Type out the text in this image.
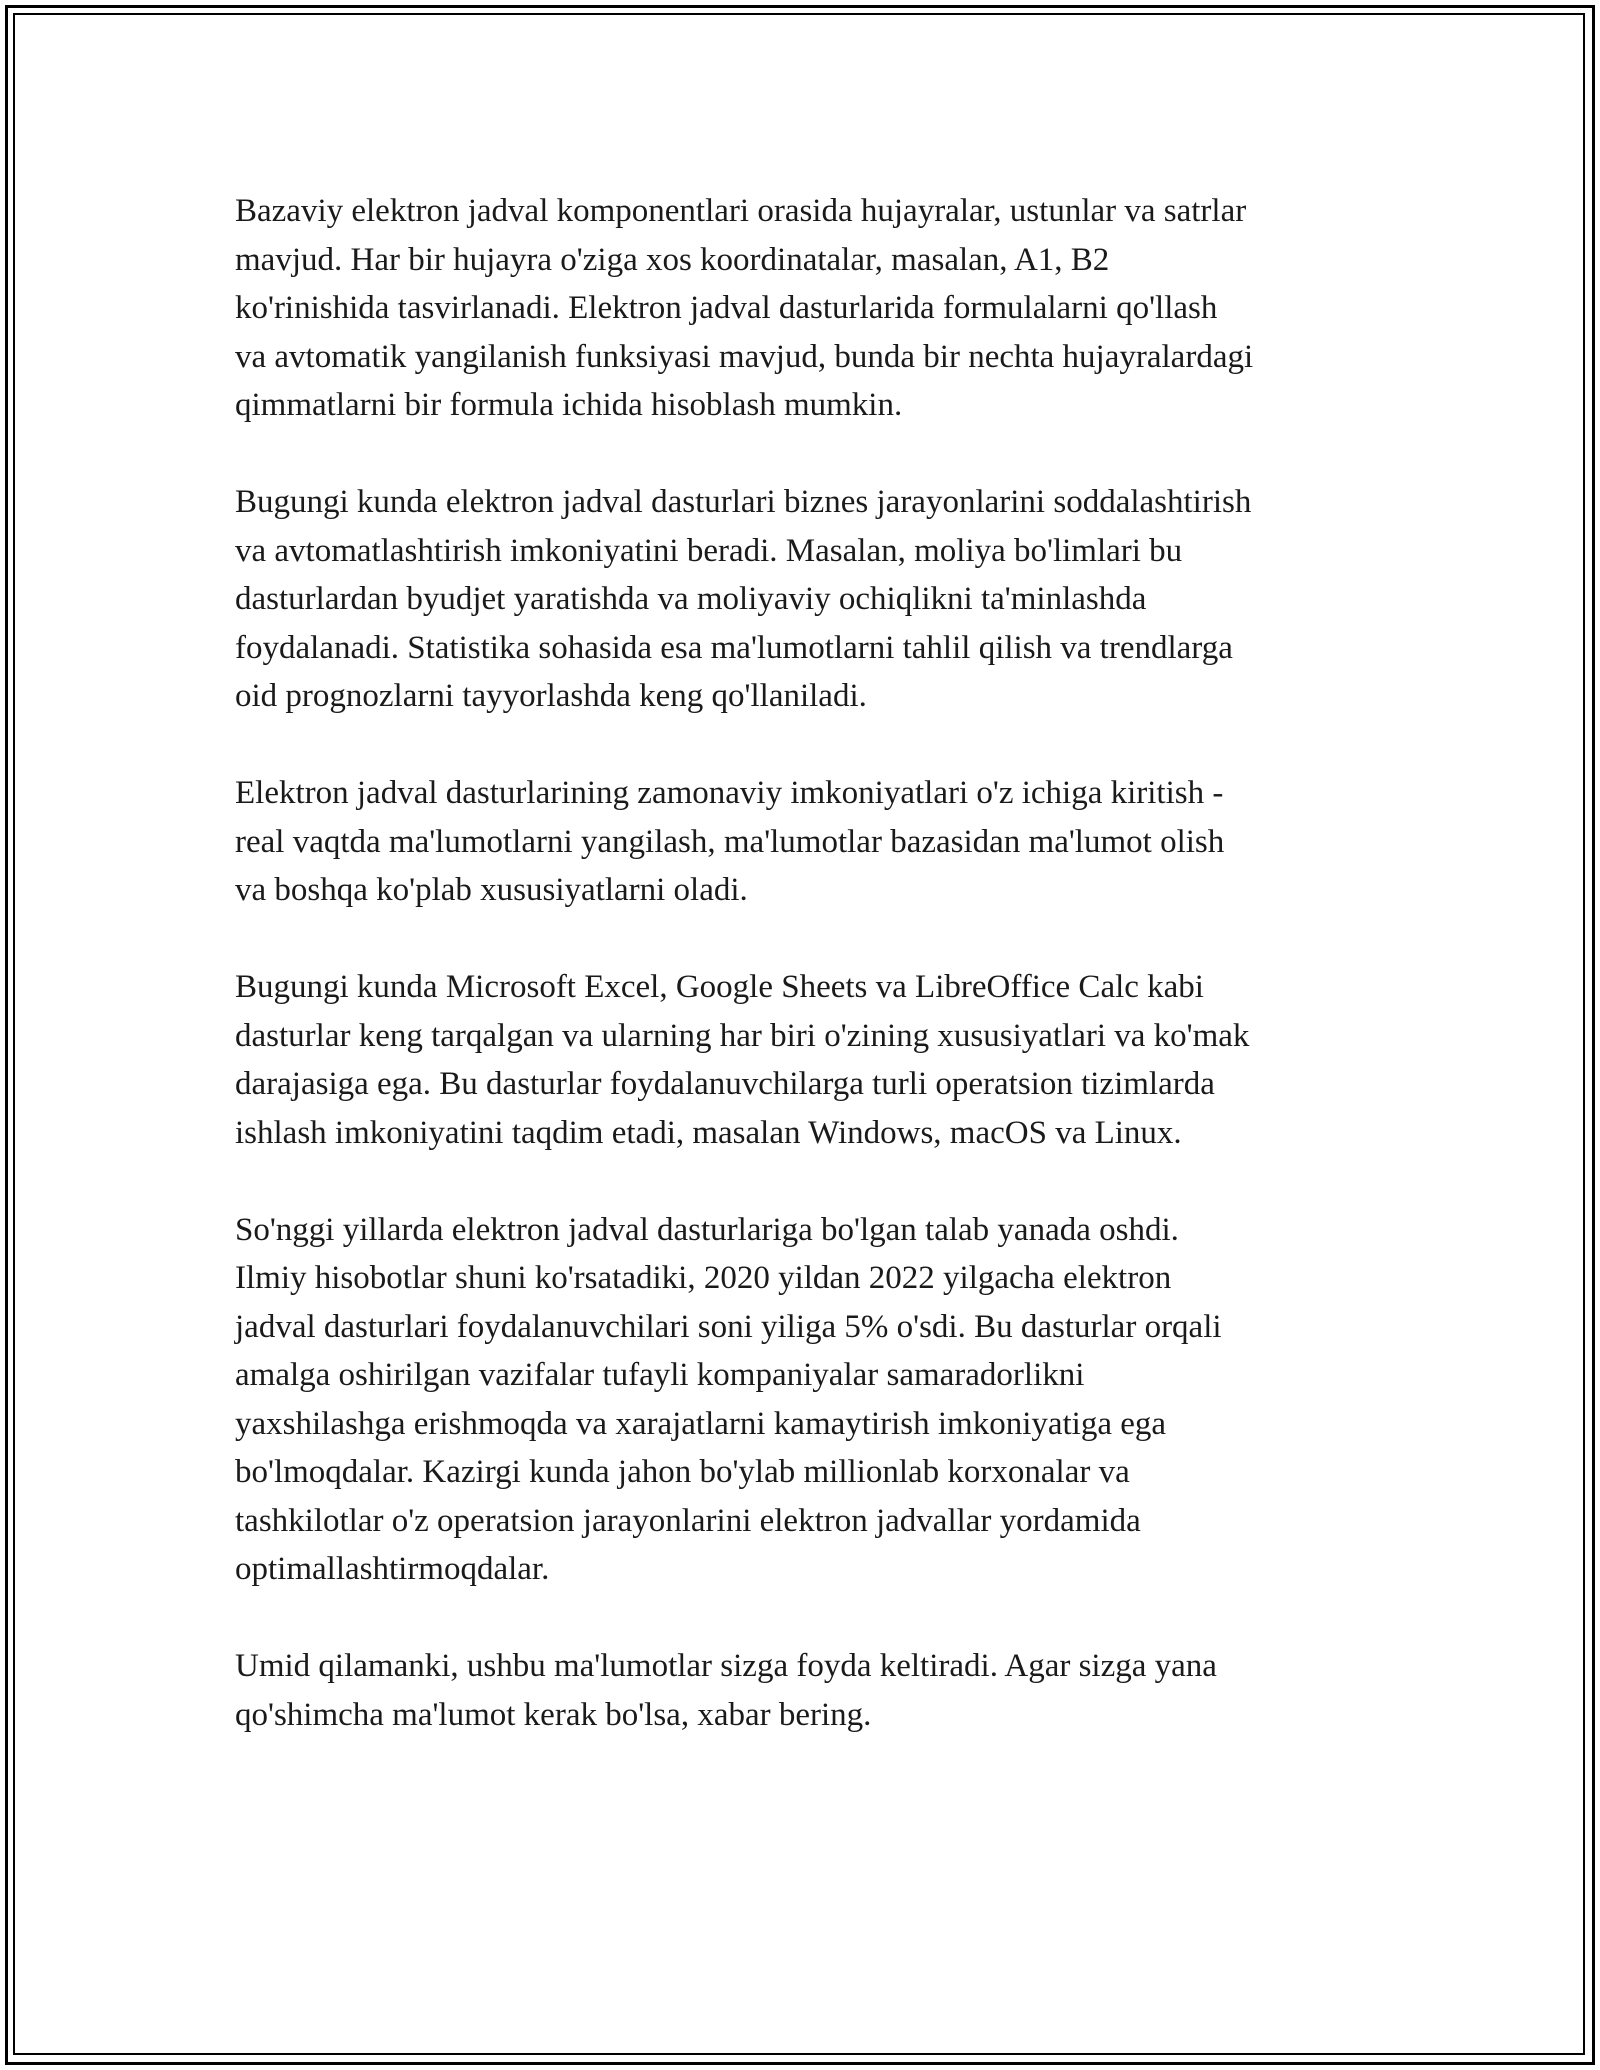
Bazaviy elektron jadval komponentlari orasida hujayralar, ustunlar va satrlar
mavjud. Har bir hujayra o'ziga xos koordinatalar, masalan, A1, B2
ko'rinishida tasvirlanadi. Elektron jadval dasturlarida formulalarni qo'llash
va avtomatik yangilanish funksiyasi mavjud, bunda bir nechta hujayralardagi
qimmatlarni bir formula ichida hisoblash mumkin.

Bugungi kunda elektron jadval dasturlari biznes jarayonlarini soddalashtirish
va avtomatlashtirish imkoniyatini beradi. Masalan, moliya bo'limlari bu
dasturlardan byudjet yaratishda va moliyaviy ochiqlikni ta'minlashda
foydalanadi. Statistika sohasida esa ma'lumotlarni tahlil qilish va trendlarga
oid prognozlarni tayyorlashda keng qo'llaniladi.

Elektron jadval dasturlarining zamonaviy imkoniyatlari o'z ichiga kiritish -
real vaqtda ma'lumotlarni yangilash, ma'lumotlar bazasidan ma'lumot olish
va boshqa ko'plab xususiyatlarni oladi.

Bugungi kunda Microsoft Excel, Google Sheets va LibreOffice Calc kabi
dasturlar keng tarqalgan va ularning har biri o'zining xususiyatlari va ko'mak
darajasiga ega. Bu dasturlar foydalanuvchilarga turli operatsion tizimlarda
ishlash imkoniyatini taqdim etadi, masalan Windows, macOS va Linux.

So'nggi yillarda elektron jadval dasturlariga bo'lgan talab yanada oshdi.
Ilmiy hisobotlar shuni ko'rsatadiki, 2020 yildan 2022 yilgacha elektron
jadval dasturlari foydalanuvchilari soni yiliga 5% o'sdi. Bu dasturlar orqali
amalga oshirilgan vazifalar tufayli kompaniyalar samaradorlikni
yaxshilashga erishmoqda va xarajatlarni kamaytirish imkoniyatiga ega
bo'lmoqdalar. Kazirgi kunda jahon bo'ylab millionlab korxonalar va
tashkilotlar o'z operatsion jarayonlarini elektron jadvallar yordamida
optimallashtirmoqdalar.

Umid qilamanki, ushbu ma'lumotlar sizga foyda keltiradi. Agar sizga yana
qo'shimcha ma'lumot kerak bo'lsa, xabar bering.
